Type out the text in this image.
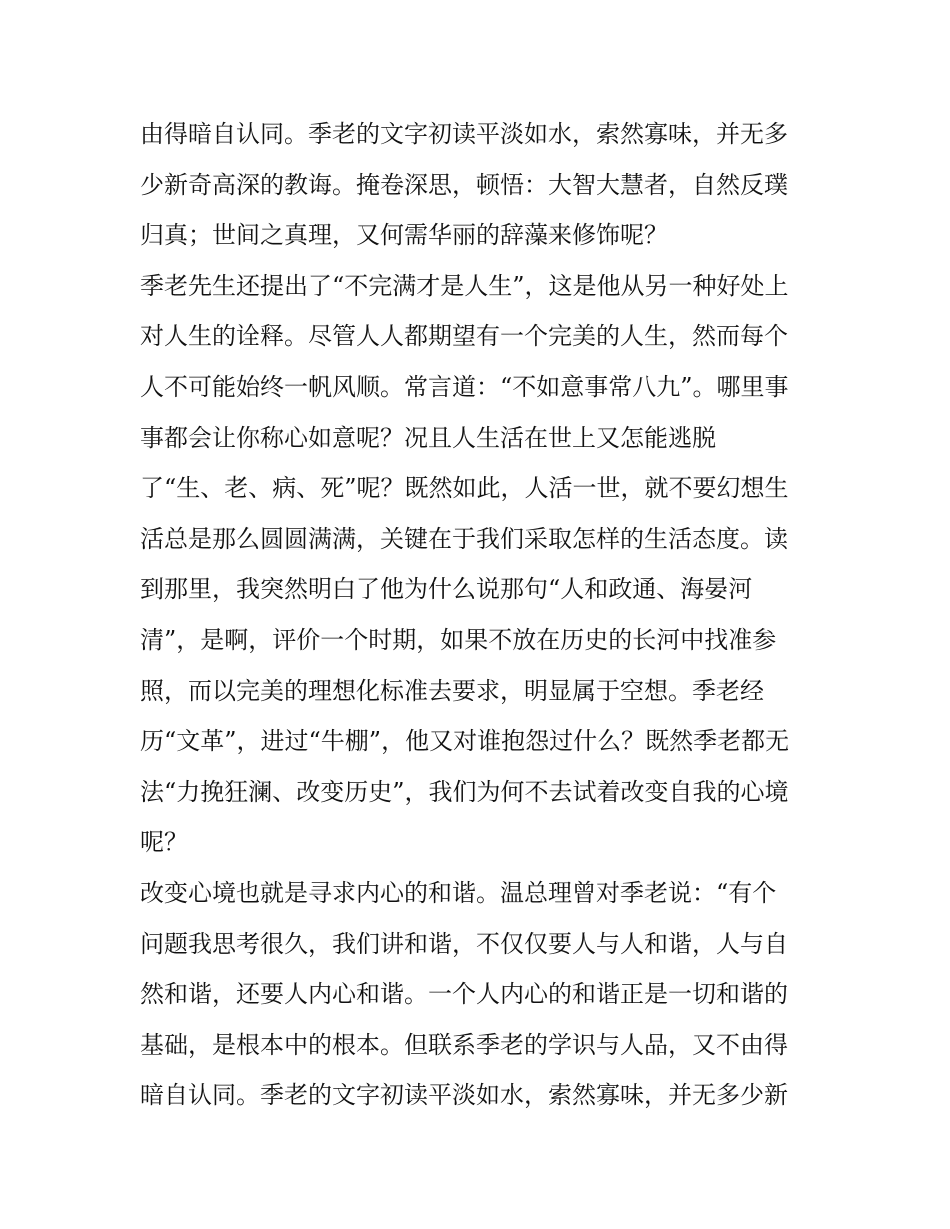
由得暗自认同。季老的文字初读平淡如水，索然寡味，并无多
少新奇高深的教诲。掩卷深思，顿悟：大智大慧者，自然反璞
归真；世间之真理，又何需华丽的辞藻来修饰呢？
季老先生还提出了“不完满才是人生”，这是他从另一种好处上
对人生的诠释。尽管人人都期望有一个完美的人生，然而每个
人不可能始终一帆风顺。常言道：“不如意事常八九”。哪里事
事都会让你称心如意呢？况且人生活在世上又怎能逃脱
了“生、老、病、死”呢？既然如此，人活一世，就不要幻想生
活总是那么圆圆满满，关键在于我们采取怎样的生活态度。读
到那里，我突然明白了他为什么说那句“人和政通、海晏河
清”，是啊，评价一个时期，如果不放在历史的长河中找准参
照，而以完美的理想化标准去要求，明显属于空想。季老经
历“文革”，进过“牛棚”，他又对谁抱怨过什么？既然季老都无
法“力挽狂澜、改变历史”，我们为何不去试着改变自我的心境
呢？
改变心境也就是寻求内心的和谐。温总理曾对季老说：“有个
问题我思考很久，我们讲和谐，不仅仅要人与人和谐，人与自
然和谐，还要人内心和谐。一个人内心的和谐正是一切和谐的
基础，是根本中的根本。但联系季老的学识与人品，又不由得
暗自认同。季老的文字初读平淡如水，索然寡味，并无多少新
